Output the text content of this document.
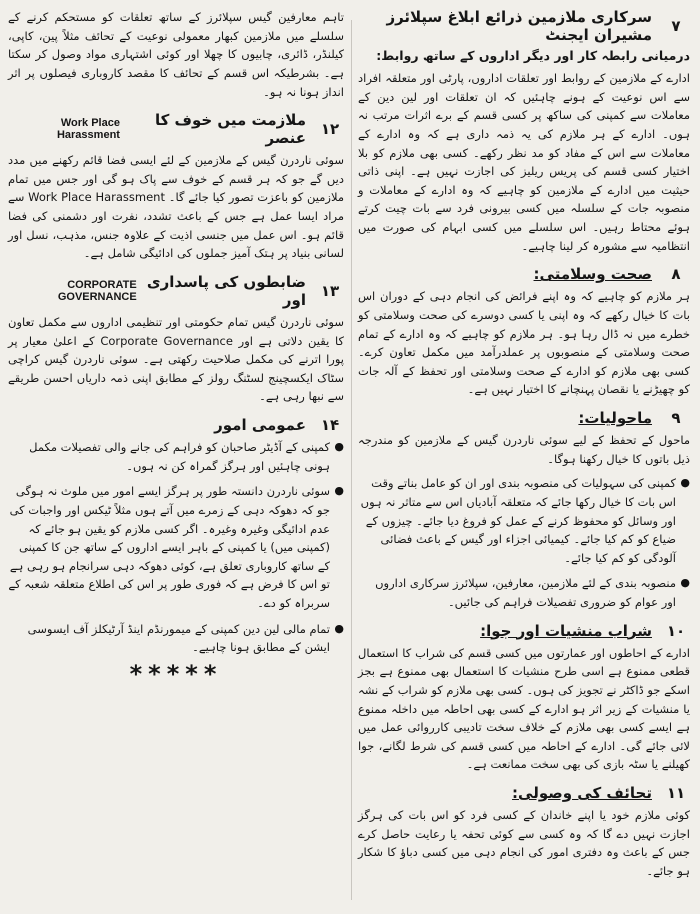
۷
سرکاری ملازمین ذرائع ابلاغ سپلائرز مشیران ایجنٹ
درمیانی رابطہ کار اور دیگر اداروں کے ساتھ روابط:

ادارے کے ملازمین کے روابط اور تعلقات اداروں، پارٹی اور متعلقہ افراد سے اس نوعیت کے ہونے چاہئیں کہ ان تعلقات اور لین دین کے معاملات سے کمپنی کی ساکھ پر کسی قسم کے برے اثرات مرتب نہ ہوں۔ ادارے کے ہر ملازم کی یہ ذمہ داری ہے کہ وہ ادارے کے معاملات سے اس کے مفاد کو مد نظر رکھے۔ کسی بھی ملازم کو بلا اختیار کسی قسم کی پریس ریلیز کی اجازت نہیں ہے۔ اپنی ذاتی حیثیت میں ادارے کے ملازمین کو چاہیے کہ وہ ادارے کے معاملات و منصوبہ جات کے سلسلہ میں کسی بیرونی فرد سے بات چیت کرتے ہوئے محتاط رہیں۔ اس سلسلے میں کسی ابہام کی صورت میں انتظامیہ سے مشورہ کر لینا چاہیے۔

۸
صحت وسلامتی:

ہر ملازم کو چاہیے کہ وہ اپنے فرائض کی انجام دہی کے دوران اس بات کا خیال رکھے کہ وہ اپنی یا کسی دوسرے کی صحت وسلامتی کو خطرے میں نہ ڈال رہا ہو۔ ہر ملازم کو چاہیے کہ وہ ادارے کے تمام صحت وسلامتی کے منصوبوں پر عملدرآمد میں مکمل تعاون کرے۔ کسی بھی ملازم کو ادارے کے صحت وسلامتی اور تحفظ کے آلہ جات کو چھیڑنے یا نقصان پہنچانے کا اختیار نہیں ہے۔

۹
ماحولیات:

ماحول کے تحفظ کے لیے سوئی ناردرن گیس کے ملازمین کو مندرجہ ذیل باتوں کا خیال رکھنا ہوگا۔

● کمپنی کی سہولیات کی منصوبہ بندی اور ان کو عامل بناتے وقت اس بات کا خیال رکھا جائے کہ متعلقہ آبادیاں اس سے متاثر نہ ہوں اور وسائل کو محفوظ کرنے کے عمل کو فروغ دیا جائے۔ چیزوں کے ضیاع کو کم کیا جائے۔ کیمیائی اجزاء اور گیس کے باعث فضائی آلودگی کو کم کیا جائے۔
● منصوبہ بندی کے لئے ملازمین، معارفین، سپلائرز سرکاری اداروں اور عوام کو ضروری تفصیلات فراہم کی جائیں۔
۱۰
شراب منشیات اور جوا:

ادارے کے احاطوں اور عمارتوں میں کسی قسم کی شراب کا استعمال قطعی ممنوع ہے اسی طرح منشیات کا استعمال بھی ممنوع ہے بجز اسکے جو ڈاکٹر نے تجویز کی ہوں۔ کسی بھی ملازم کو شراب کے نشہ یا منشیات کے زیر اثر ہو ادارے کے کسی بھی احاطہ میں داخلہ ممنوع ہے ایسے کسی بھی ملازم کے خلاف سخت تادیبی کارروائی عمل میں لائی جائے گی۔ ادارے کے احاطہ میں کسی قسم کی شرط لگانے، جوا کھیلنے یا سٹہ بازی کی بھی سخت ممانعت ہے۔

۱۱
تحائف کی وصولی:

کوئی ملازم خود یا اپنے خاندان کے کسی فرد کو اس بات کی ہرگز اجازت نہیں دے گا کہ وہ کسی سے کوئی تحفہ یا رعایت حاصل کرے جس کے باعث وہ دفتری امور کی انجام دہی میں کسی دباؤ کا شکار ہو جائے۔

تاہم معارفین گیس سپلائرز کے ساتھ تعلقات کو مستحکم کرنے کے سلسلے میں ملازمین کبھار معمولی نوعیت کے تحائف مثلاً پین، کاپی، کیلنڈر، ڈائری، چابیوں کا چھلا اور کوئی اشتہاری مواد وصول کر سکتا ہے۔ بشرطیکہ اس قسم کے تحائف کا مقصد کاروباری فیصلوں پر اثر انداز ہونا نہ ہو۔

۱۲
ملازمت میں خوف کا عنصر
Work Place Harassment

سوئی ناردرن گیس کے ملازمین کے لئے ایسی فضا قائم رکھنے میں مدد دیں گے جو کہ ہر قسم کے خوف سے پاک ہو گی اور جس میں تمام ملازمین کو باعزت تصور کیا جائے گا۔ Work Place Harassment سے مراد ایسا عمل ہے جس کے باعث تشدد، نفرت اور دشمنی کی فضا قائم ہو۔ اس عمل میں جنسی اذیت کے علاوہ جنس، مذہب، نسل اور لسانی بنیاد پر ہتک آمیز جملوں کی ادائیگی شامل ہے۔

۱۳
ضابطوں کی پاسداری اور
CORPORATE GOVERNANCE

سوئی ناردرن گیس تمام حکومتی اور تنظیمی اداروں سے مکمل تعاون کا یقین دلاتی ہے اور Corporate Governance کے اعلیٰ معیار پر پورا اترنے کی مکمل صلاحیت رکھتی ہے۔ سوئی ناردرن گیس کراچی سٹاک ایکسچینج لسٹنگ رولز کے مطابق اپنی ذمہ داریاں احسن طریقے سے نبھا رہی ہے۔

۱۴
عمومی امور
● کمپنی کے آڈیٹر صاحبان کو فراہم کی جانے والی تفصیلات مکمل ہونی چاہئیں اور ہرگز گمراہ کن نہ ہوں۔
● سوئی ناردرن دانستہ طور پر ہرگز ایسے امور میں ملوث نہ ہوگی جو کہ دھوکہ دہی کے زمرے میں آتے ہوں مثلاً ٹیکس اور واجبات کی عدم ادائیگی وغیرہ وغیرہ۔ اگر کسی ملازم کو یقین ہو جائے کہ (کمپنی میں) یا کمپنی کے باہر ایسے اداروں کے ساتھ جن کا کمپنی کے ساتھ کاروباری تعلق ہے، کوئی دھوکہ دہی سرانجام ہو رہی ہے تو اس کا فرض ہے کہ فوری طور پر اس کی اطلاع متعلقہ شعبہ کے سربراہ کو دے۔
● تمام مالی لین دین کمپنی کے میمورنڈم اینڈ آرٹیکلز آف ایسوسی ایشن کے مطابق ہونا چاہیے۔
*****
